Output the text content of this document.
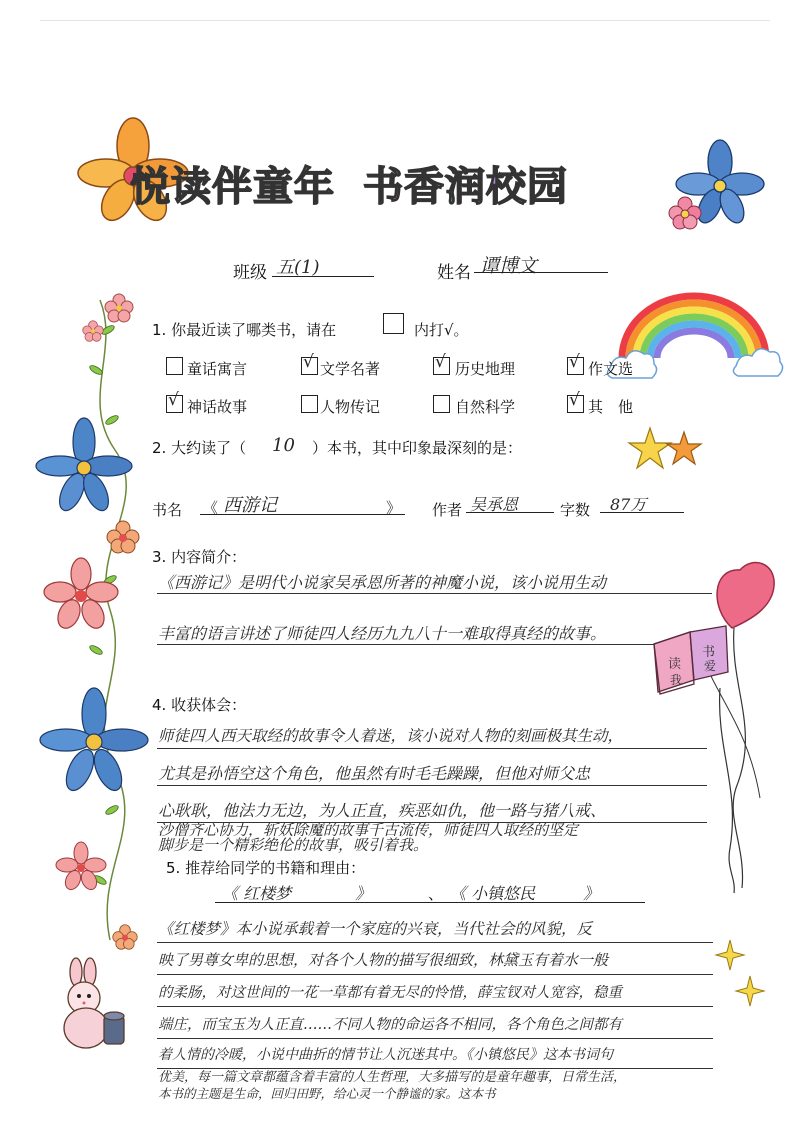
悦 读 伴 童 年
　 书 香 润 校 园
班级 五(1)	姓名 谭博文
1. 你最近读了哪类书，请在	内打√。
童话寓言	√ 文学名著	√ 历史地理	√ 作文选
√ 神话故事	人物传记	自然科学	√ 其　他
2. 大约读了（ 10 ）本书，其中印象最深刻的是：
书名 《 西游记	》 作者 吴承恩	字数 87万
3. 内容简介：
《西游记》是明代小说家吴承恩所著的神魔小说，该小说用生动
丰富的语言讲述了师徒四人经历九九八十一难取得真经的故事。
读
书
我
爱
4. 收获体会：
师徒四人西天取经的故事令人着迷，该小说对人物的刻画极其生动，
尤其是孙悟空这个角色，他虽然有时毛毛躁躁，但他对师父忠
心耿耿，他法力无边，为人正直，疾恶如仇，他一路与猪八戒、
沙僧齐心协力，斩妖除魔的故事千古流传，师徒四人取经的坚定
脚步是一个精彩绝伦的故事，吸引着我。
5. 推荐给同学的书籍和理由：
《 红楼梦　　　　》	、 《 小镇悠民　　　》
《红楼梦》本小说承载着一个家庭的兴衰，当代社会的风貌，反
映了男尊女卑的思想，对各个人物的描写很细致，林黛玉有着水一般
的柔肠，对这世间的一花一草都有着无尽的怜惜，薛宝钗对人宽容，稳重
端庄，而宝玉为人正直……不同人物的命运各不相同，各个角色之间都有
着人情的冷暖，小说中曲折的情节让人沉迷其中。《小镇悠民》这本书词句
优美，每一篇文章都蕴含着丰富的人生哲理，大多描写的是童年趣事，日常生活，
本书的主题是生命，回归田野，给心灵一个静谧的家。这本书
